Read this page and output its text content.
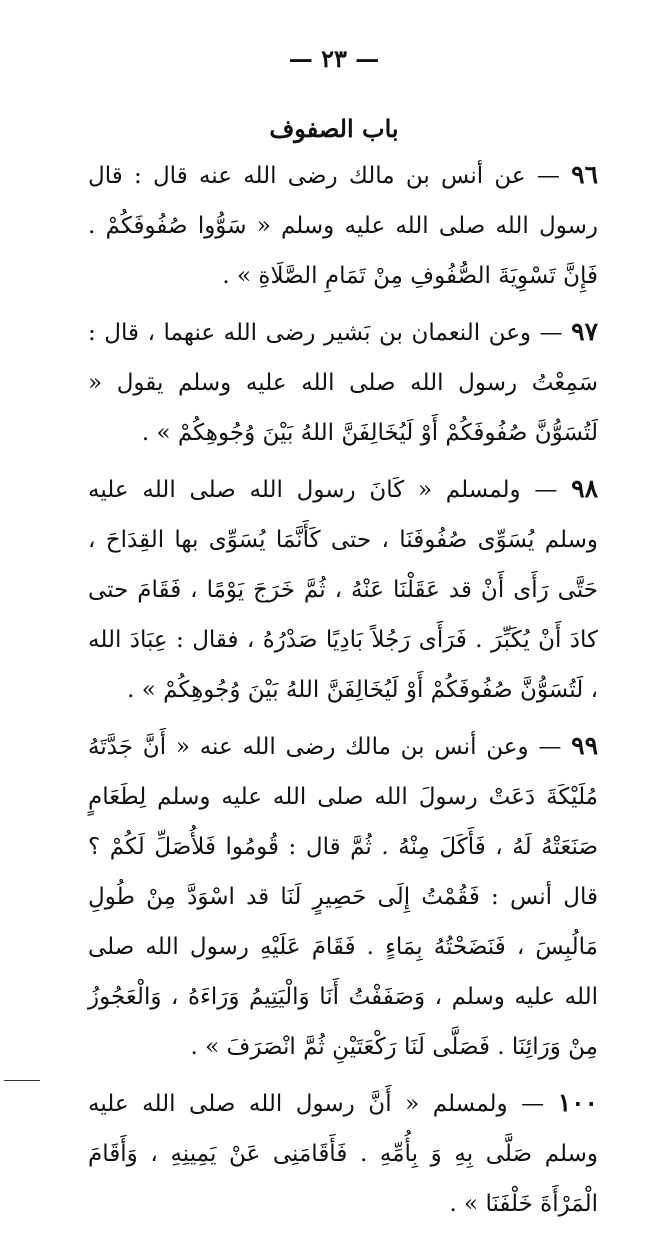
— ٢٣ —
باب الصفوف

٩٦ — عن أنس بن مالك رضى الله عنه قال : قال رسول الله صلى الله عليه وسلم « سَوُّوا صُفُوفَكُمْ . فَإِنَّ تَسْوِيَةَ الصُّفُوفِ مِنْ تَمَامِ الصَّلَاةِ » .

٩٧ — وعن النعمان بن بَشير رضى الله عنهما ، قال : سَمِعْتُ رسول الله صلى الله عليه وسلم يقول « لَتُسَوُّنَّ صُفُوفَكُمْ أَوْ لَيُخَالِفَنَّ اللهُ بَيْنَ وُجُوهِكُمْ » .

٩٨ — ولمسلم « كَانَ رسول الله صلى الله عليه وسلم يُسَوِّى صُفُوفَنَا ، حتى كَأَنَّمَا يُسَوِّى بها القِدَاحَ ، حَتَّى رَأَى أَنْ قد عَقَلْنَا عَنْهُ ، ثُمَّ خَرَجَ يَوْمًا ، فَقَامَ حتى كادَ أَنْ يُكَبِّرَ . فَرَأَى رَجُلاً بَادِيًا صَدْرُهُ ، فقال : عِبَادَ الله ، لَتُسَوُّنَّ صُفُوفَكُمْ أَوْ لَيُخَالِفَنَّ اللهُ بَيْنَ وُجُوهِكُمْ » .

٩٩ — وعن أنس بن مالك رضى الله عنه « أَنَّ جَدَّتَهُ مُلَيْكَةَ دَعَتْ رسولَ الله صلى الله عليه وسلم لِطَعَامٍ صَنَعَتْهُ لَهُ ، فَأَكَلَ مِنْهُ . ثُمَّ قال : قُومُوا فَلأُصَلِّ لَكُمْ ؟ قال أنس : فَقُمْتُ إِلَى حَصِيرٍ لَنَا قد اسْوَدَّ مِنْ طُولِ مَالُبِسَ ، فَنَضَحْتُهُ بِمَاءٍ . فَقَامَ عَلَيْهِ رسول الله صلى الله عليه وسلم ، وَصَفَفْتُ أَنَا وَالْيَتِيمُ وَرَاءَهُ ، وَالْعَجُوزُ مِنْ وَرَائِنَا . فَصَلَّى لَنَا رَكْعَتَيْنِ ثُمَّ انْصَرَفَ » .

١٠٠ — ولمسلم « أَنَّ رسول الله صلى الله عليه وسلم صَلَّى بِهِ وَ بِأُمِّهِ . فَأَقَامَنِى عَنْ يَمِينِهِ ، وَأَقَامَ الْمَرْأَةَ خَلْفَنَا » .
